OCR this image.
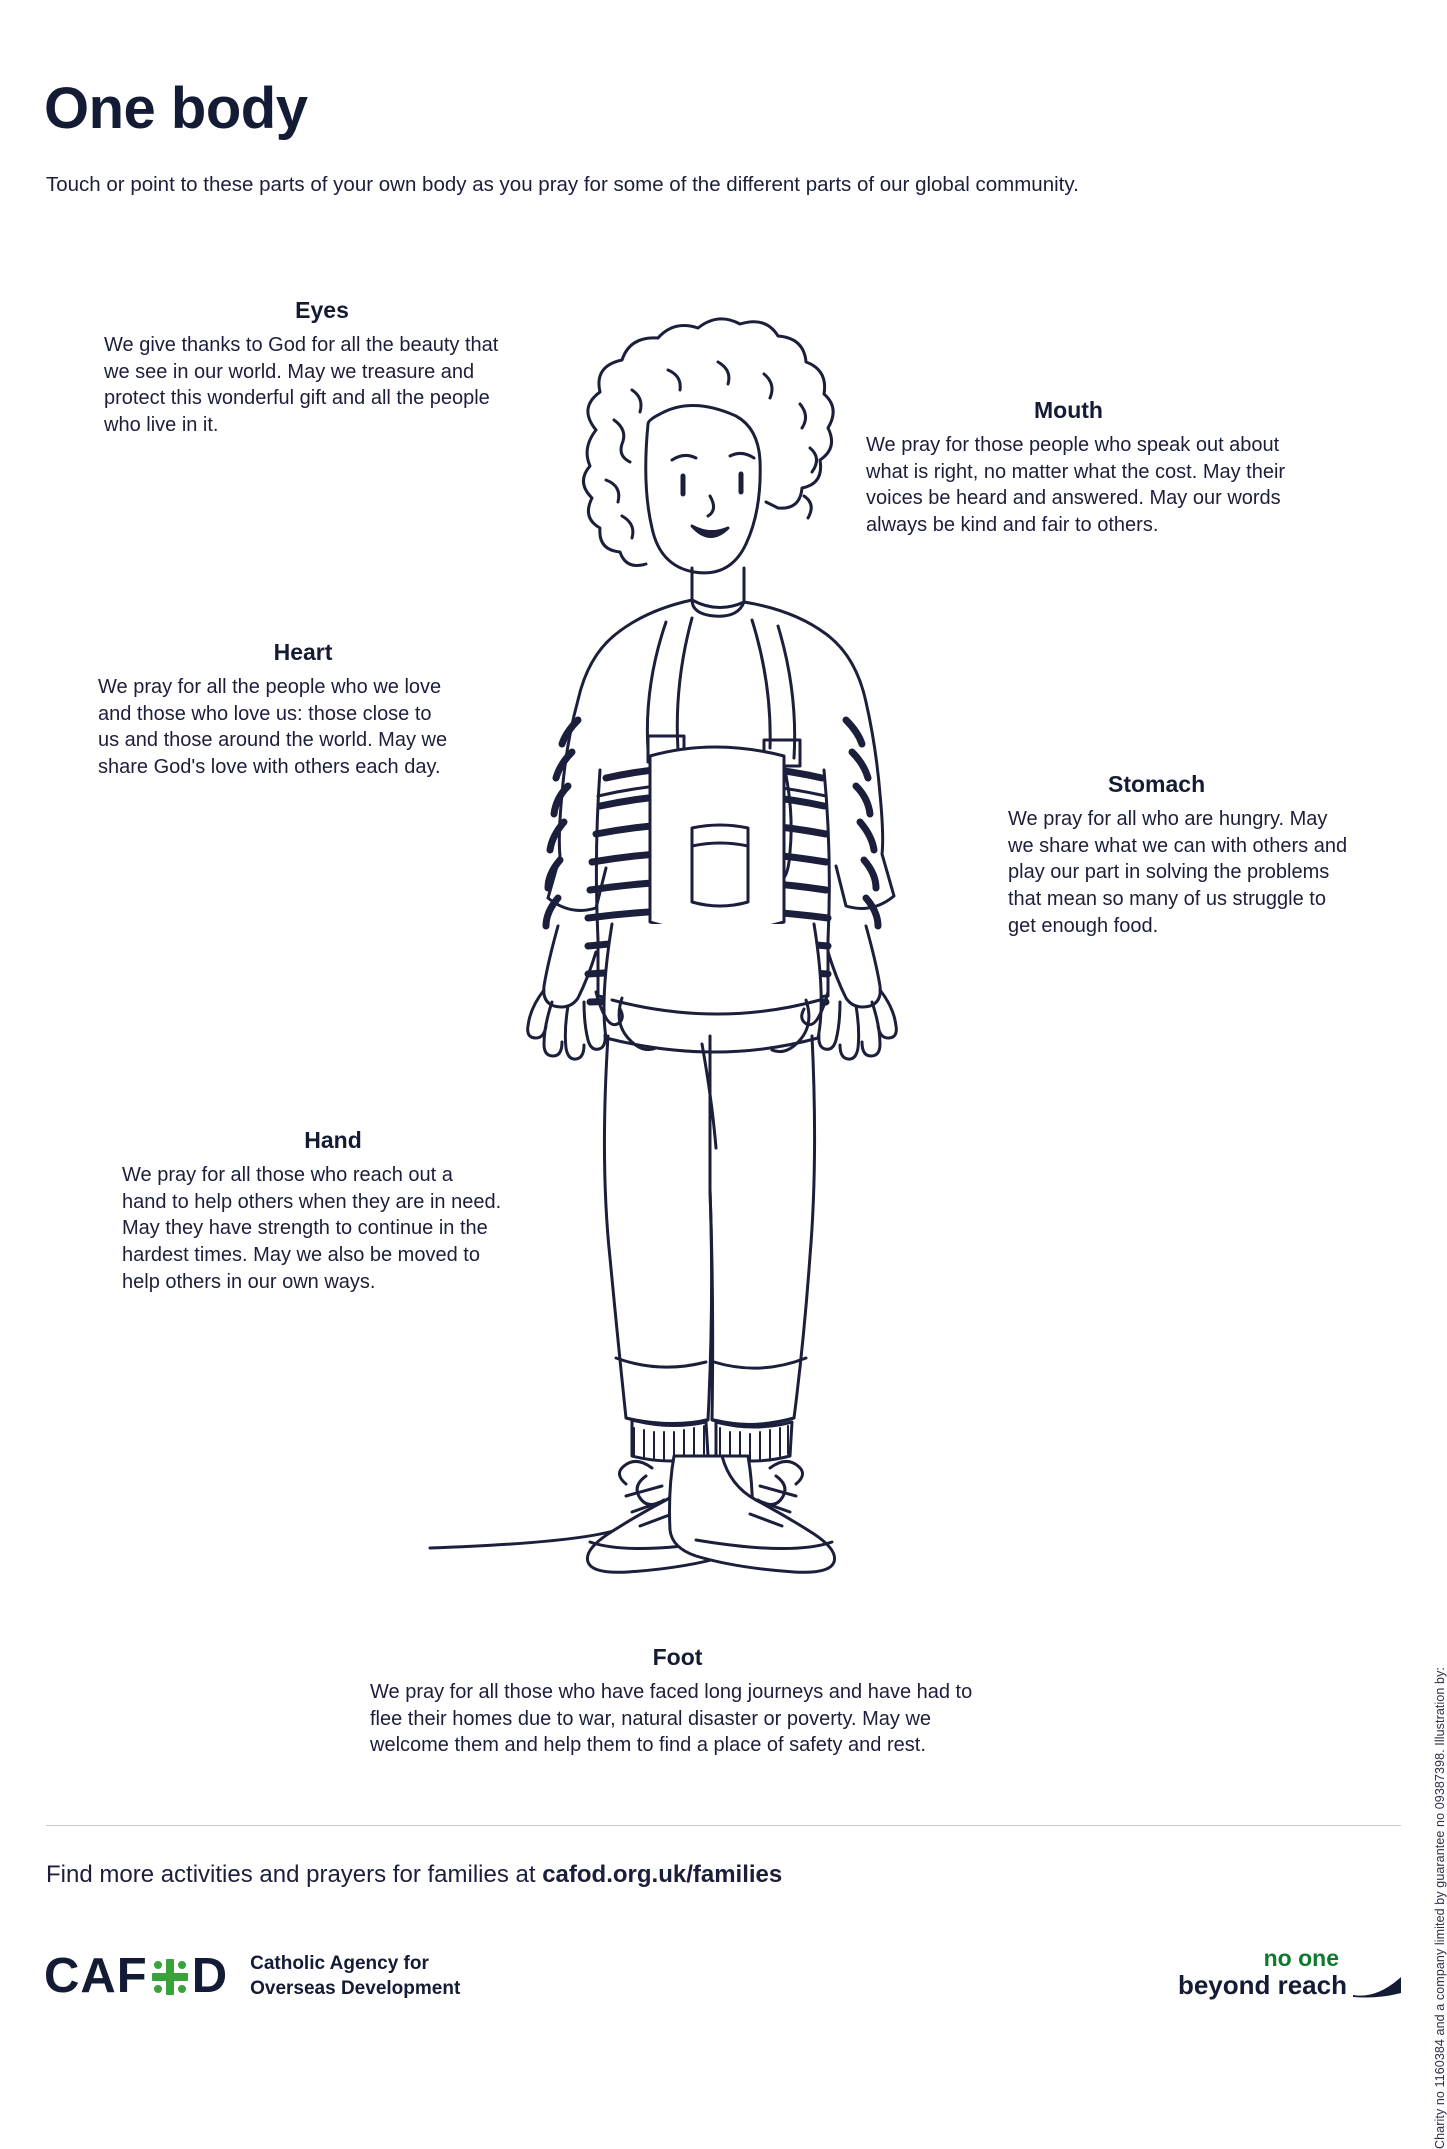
One body

Touch or point to these parts of your own body as you pray for some of the different parts of our global community.

Eyes
We give thanks to God for all the beauty that we see in our world. May we treasure and protect this wonderful gift and all the people who live in it.
Mouth
We pray for those people who speak out about what is right, no matter what the cost. May their voices be heard and answered. May our words always be kind and fair to others.
Heart
We pray for all the people who we love and those who love us: those close to us and those around the world. May we share God's love with others each day.
Stomach
We pray for all who are hungry. May we share what we can with others and play our part in solving the problems that mean so many of us struggle to get enough food.
Hand
We pray for all those who reach out a hand to help others when they are in need. May they have strength to continue in the hardest times. May we also be moved to help others in our own ways.
Foot
We pray for all those who have faced long journeys and have had to flee their homes due to war, natural disaster or poverty. May we welcome them and help them to find a place of safety and rest.	Charity no 1160384 and a company limited by guarantee no 09387398. Illustration by:
Find more activities and prayers for families at cafod.org.uk/families
CAF D Catholic Agency for
Overseas Development
no one
beyond reach
